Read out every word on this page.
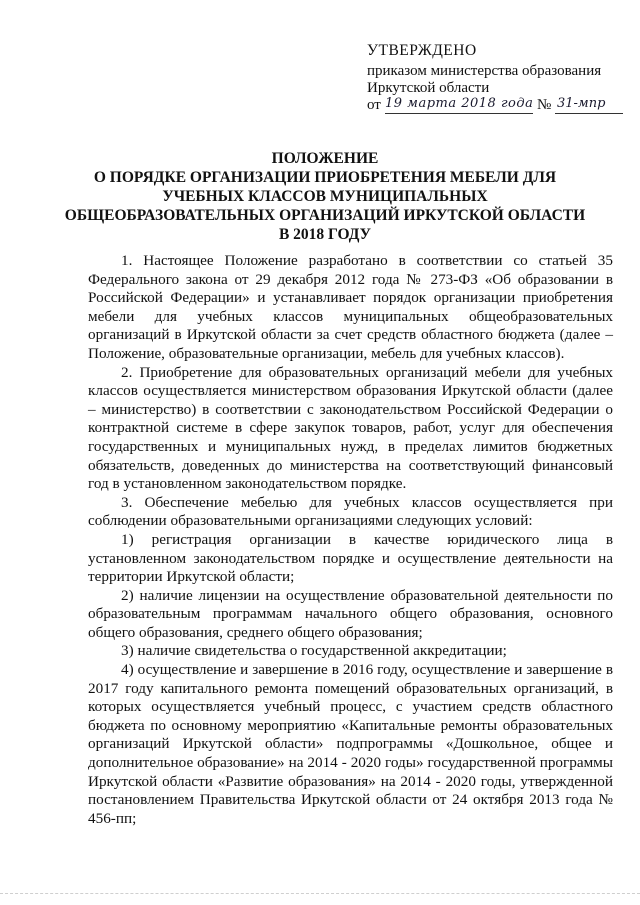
УТВЕРЖДЕНО
приказом министерства образования
Иркутской области
от 19 марта 2018 года № 31-мпр
ПОЛОЖЕНИЕ
О ПОРЯДКЕ ОРГАНИЗАЦИИ ПРИОБРЕТЕНИЯ МЕБЕЛИ ДЛЯ
УЧЕБНЫХ КЛАССОВ МУНИЦИПАЛЬНЫХ
ОБЩЕОБРАЗОВАТЕЛЬНЫХ ОРГАНИЗАЦИЙ ИРКУТСКОЙ ОБЛАСТИ
В 2018 ГОДУ

1. Настоящее Положение разработано в соответствии со статьей 35 Федерального закона от 29 декабря 2012 года № 273-ФЗ «Об образовании в Российской Федерации» и устанавливает порядок организации приобретения мебели для учебных классов муниципальных общеобразовательных организаций в Иркутской области за счет средств областного бюджета (далее – Положение, образовательные организации, мебель для учебных классов).

2. Приобретение для образовательных организаций мебели для учебных классов осуществляется министерством образования Иркутской области (далее – министерство) в соответствии с законодательством Российской Федерации о контрактной системе в сфере закупок товаров, работ, услуг для обеспечения государственных и муниципальных нужд, в пределах лимитов бюджетных обязательств, доведенных до министерства на соответствующий финансовый год в установленном законодательством порядке.

3. Обеспечение мебелью для учебных классов осуществляется при соблюдении образовательными организациями следующих условий:

1) регистрация организации в качестве юридического лица в установленном законодательством порядке и осуществление деятельности на территории Иркутской области;

2) наличие лицензии на осуществление образовательной деятельности по образовательным программам начального общего образования, основного общего образования, среднего общего образования;

3) наличие свидетельства о государственной аккредитации;

4) осуществление и завершение в 2016 году, осуществление и завершение в 2017 году капитального ремонта помещений образовательных организаций, в которых осуществляется учебный процесс, с участием средств областного бюджета по основному мероприятию «Капитальные ремонты образовательных организаций Иркутской области» подпрограммы «Дошкольное, общее и дополнительное образование» на 2014 - 2020 годы» государственной программы Иркутской области «Развитие образования» на 2014 - 2020 годы, утвержденной постановлением Правительства Иркутской области от 24 октября 2013 года № 456-пп;
